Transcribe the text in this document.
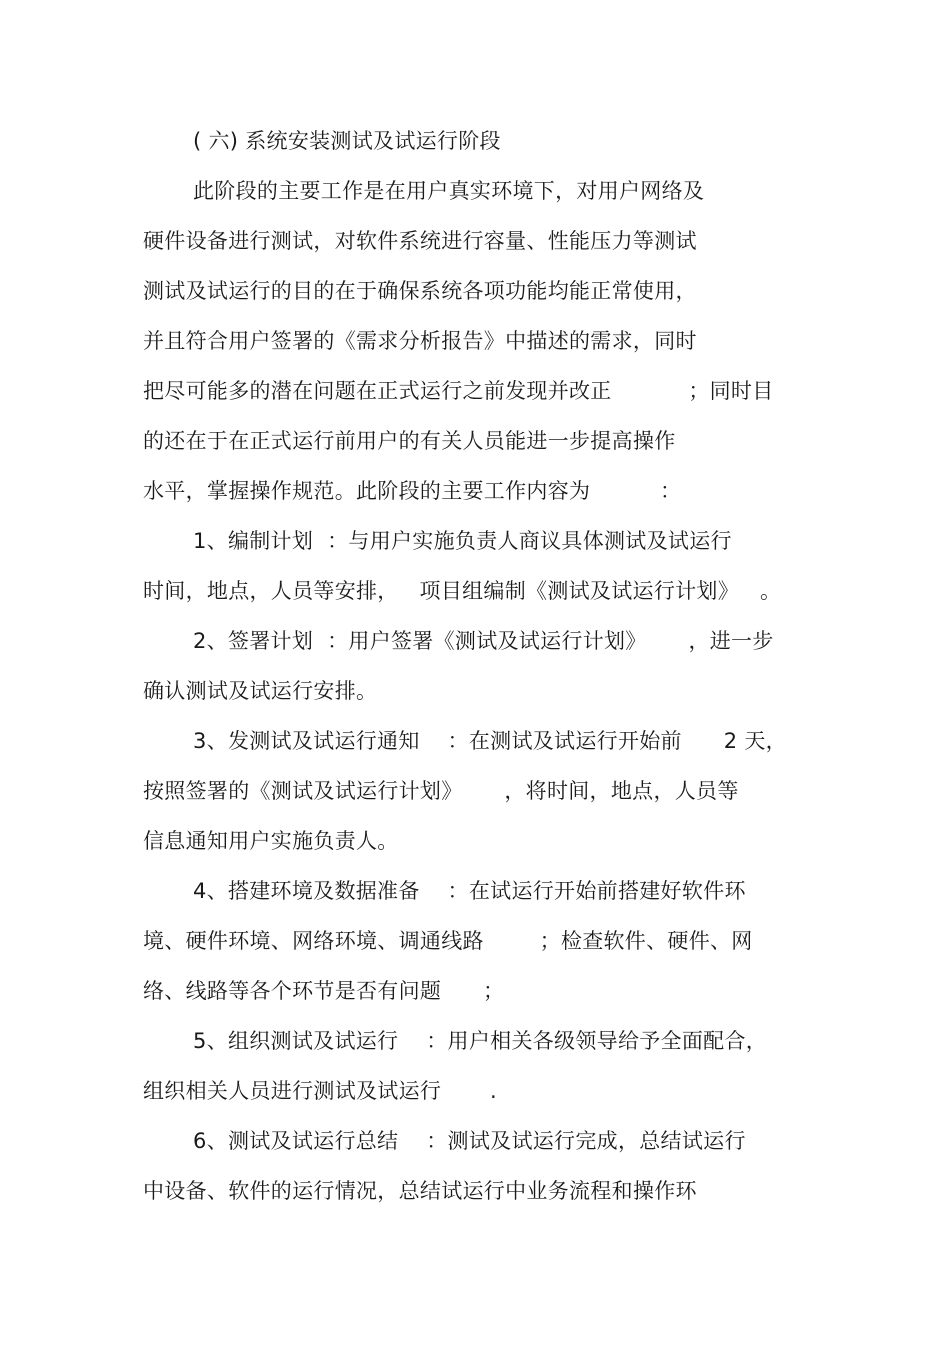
( 六) 系统安装测试及试运行阶段
此阶段的主要工作是在用户真实环境下，对用户网络及
硬件设备进行测试，对软件系统进行容量、性能压力等测试
测试及试运行的目的在于确保系统各项功能均能正常使用，
并且符合用户签署的《需求分析报告》中描述的需求，同时
把尽可能多的潜在问题在正式运行之前发现并改正           ；同时目
的还在于在正式运行前用户的有关人员能进一步提高操作
水平，掌握操作规范。此阶段的主要工作内容为          ：
1、编制计划  ：与用户实施负责人商议具体测试及试运行
时间，地点，人员等安排，   项目组编制《测试及试运行计划》   。
2、签署计划  ：用户签署《测试及试运行计划》      ，进一步
确认测试及试运行安排。
3、发测试及试运行通知    ：在测试及试运行开始前      2 天，
按照签署的《测试及试运行计划》      ，将时间，地点，人员等
信息通知用户实施负责人。
4、搭建环境及数据准备    ：在试运行开始前搭建好软件环
境、硬件环境、网络环境、调通线路        ；检查软件、硬件、网
络、线路等各个环节是否有问题      ；
5、组织测试及试运行    ：用户相关各级领导给予全面配合，
组织相关人员进行测试及试运行       .
6、测试及试运行总结    ：测试及试运行完成，总结试运行
中设备、软件的运行情况，总结试运行中业务流程和操作环
